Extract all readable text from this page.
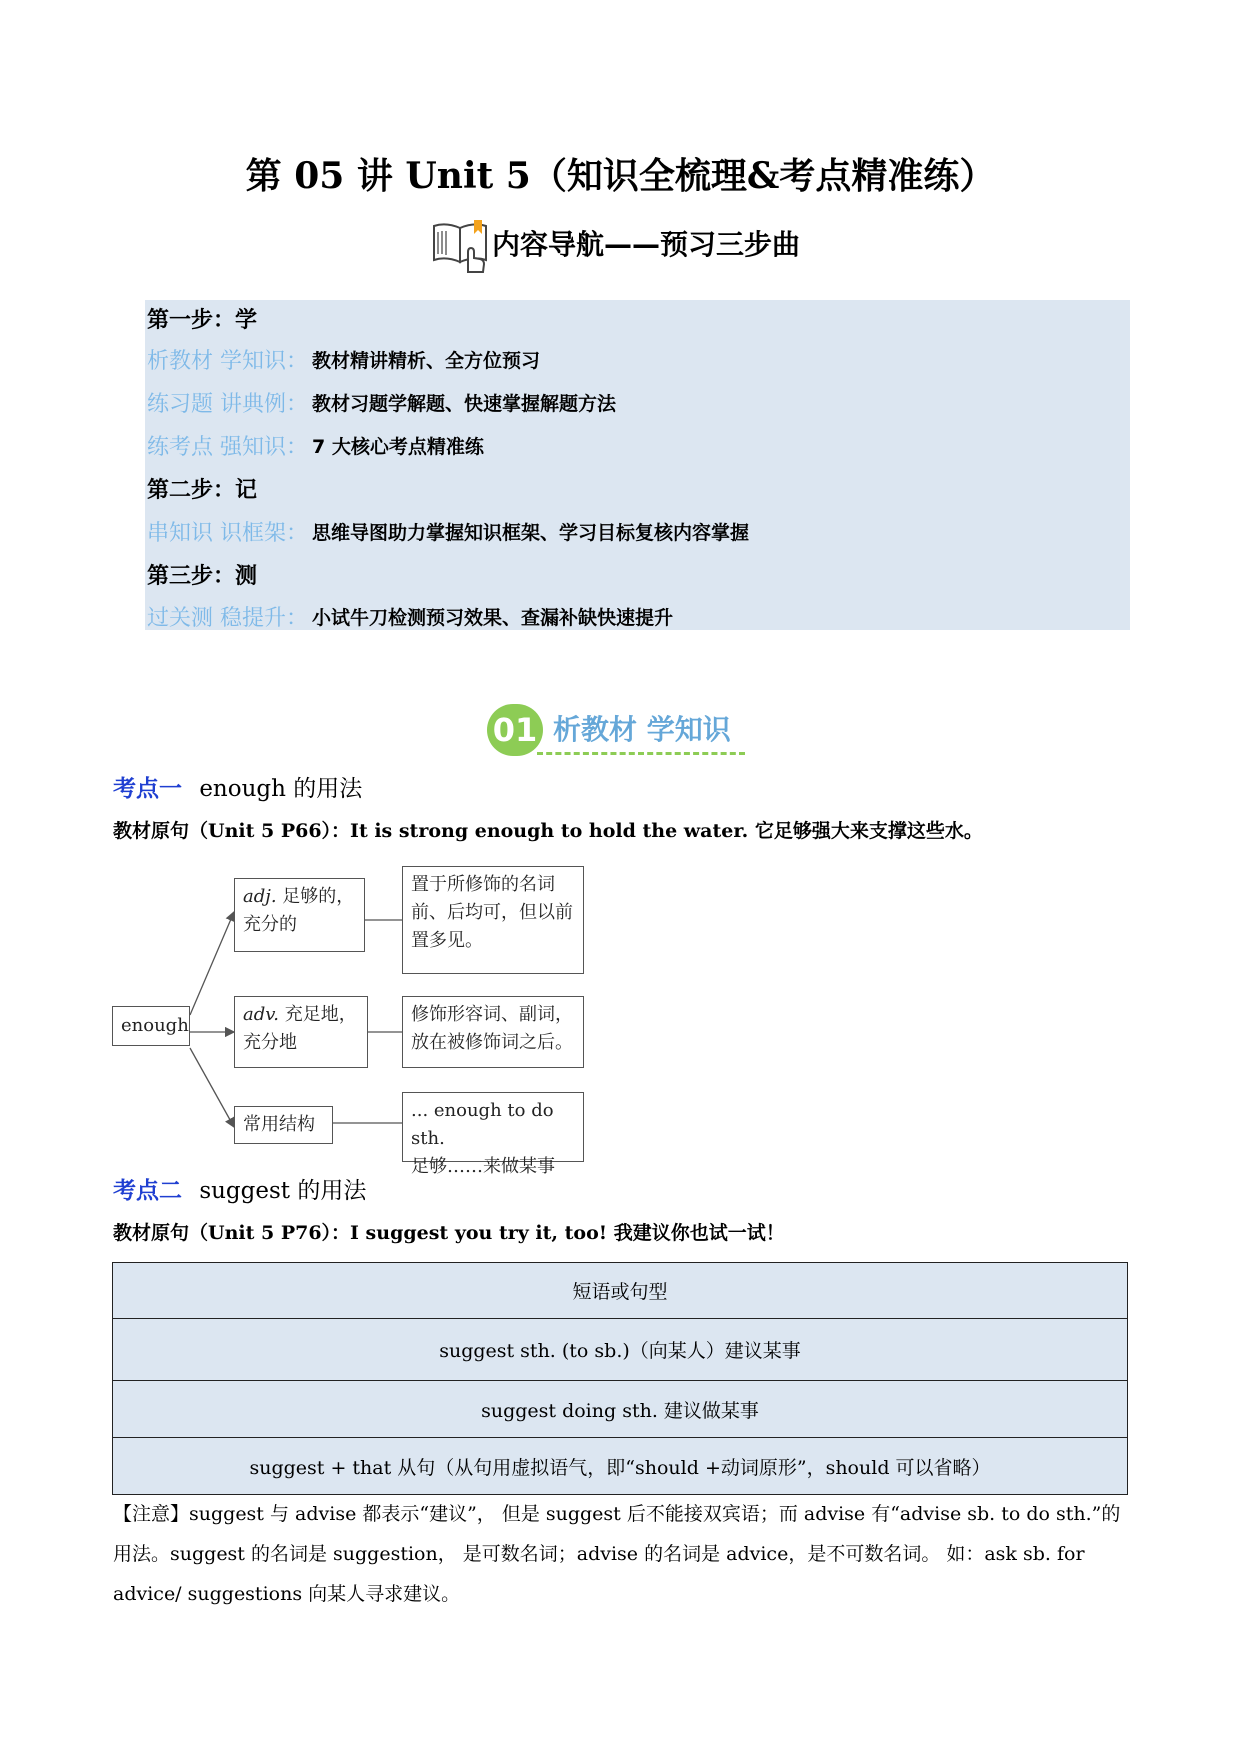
第 05 讲 Unit 5（知识全梳理&考点精准练）
内容导航——预习三步曲
第一步：学
析教材 学知识： 教材精讲精析、全方位预习
练习题 讲典例： 教材习题学解题、快速掌握解题方法
练考点 强知识： 7 大核心考点精准练
第二步：记
串知识 识框架： 思维导图助力掌握知识框架、学习目标复核内容掌握
第三步：测
过关测 稳提升： 小试牛刀检测预习效果、查漏补缺快速提升
01 析教材 学知识
考点一 enough 的用法
教材原句（Unit 5 P66）：It is strong enough to hold the water. 它足够强大来支撑这些水。
enough
adj. 足够的，充分的
置于所修饰的名词前、后均可，但以前置多见。
adv. 充足地，充分地
修饰形容词、副词，放在被修饰词之后。
常用结构
... enough to do sth.
足够……来做某事
考点二 suggest 的用法
教材原句（Unit 5 P76）：I suggest you try it, too! 我建议你也试一试！
短语或句型
suggest sth. (to sb.)（向某人）建议某事
suggest doing sth. 建议做某事
suggest + that 从句（从句用虚拟语气，即“should +动词原形”，should 可以省略）
【注意】suggest 与 advise 都表示“建议”， 但是 suggest 后不能接双宾语；而 advise 有“advise sb. to do sth.”的用法。suggest 的名词是 suggestion， 是可数名词；advise 的名词是 advice，是不可数名词。 如：ask sb. for advice/ suggestions 向某人寻求建议。
